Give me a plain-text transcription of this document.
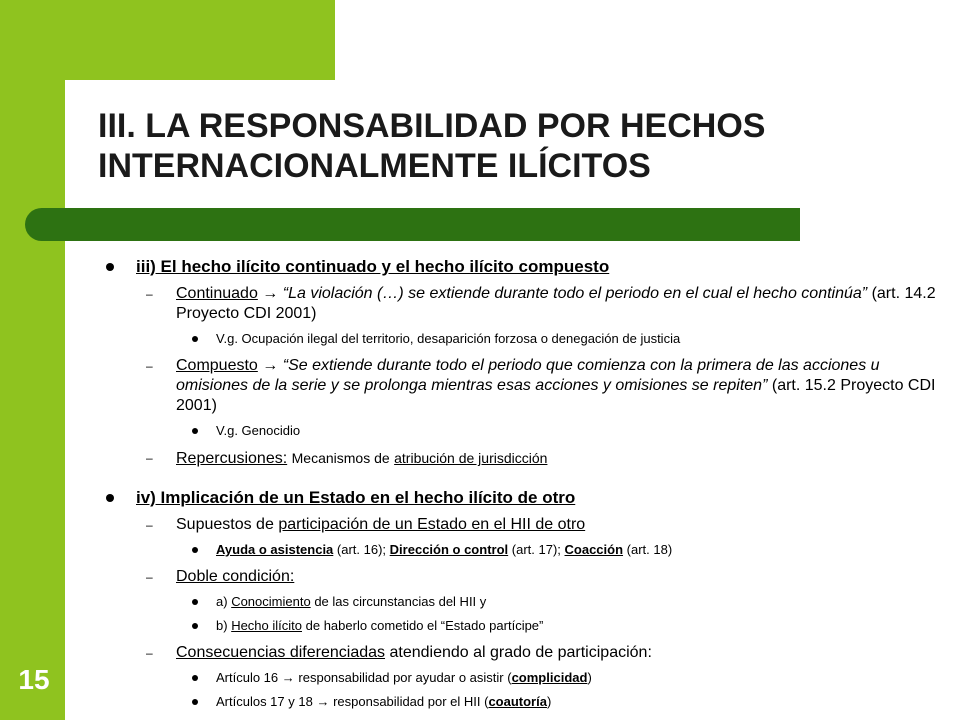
III. LA RESPONSABILIDAD POR HECHOS
INTERNACIONALMENTE ILÍCITOS
15

iii) El hecho ilícito continuado y el hecho ilícito compuesto

– Continuado → “La violación (…) se extiende durante todo el periodo en el cual el hecho continúa” (art. 14.2 Proyecto CDI 2001)

V.g. Ocupación ilegal del territorio, desaparición forzosa o denegación de justicia

– Compuesto → “Se extiende durante todo el periodo que comienza con la primera de las acciones u omisiones de la serie y se prolonga mientras esas acciones y omisiones se repiten” (art. 15.2 Proyecto CDI 2001)

V.g. Genocidio

– Repercusiones: Mecanismos de atribución de jurisdicción

iv) Implicación de un Estado en el hecho ilícito de otro

– Supuestos de participación de un Estado en el HII de otro

Ayuda o asistencia (art. 16); Dirección o control (art. 17); Coacción (art. 18)

– Doble condición:

a) Conocimiento de las circunstancias del HII y

b) Hecho ilícito de haberlo cometido el “Estado partícipe”

– Consecuencias diferenciadas atendiendo al grado de participación:

Artículo 16 → responsabilidad por ayudar o asistir (complicidad)

Artículos 17 y 18 → responsabilidad por el HII (coautoría)
